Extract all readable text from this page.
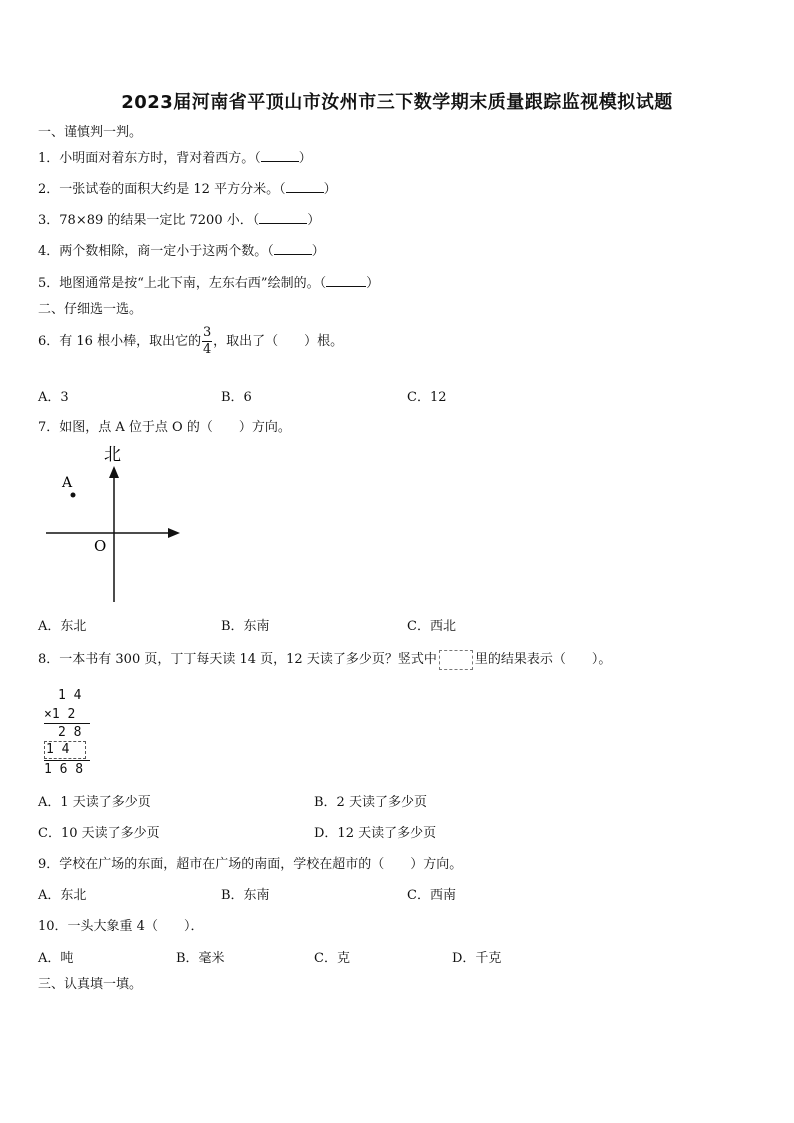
2023届河南省平顶山市汝州市三下数学期末质量跟踪监视模拟试题
一、谨慎判一判。
1．小明面对着东方时，背对着西方。（	）
2．一张试卷的面积大约是 12 平方分米。（	）
3．78×89 的结果一定比 7200 小．（	）
4．两个数相除，商一定小于这两个数。（	）
5．地图通常是按“上北下南，左东右西”绘制的。（	）
二、仔细选一选。
6．有 16 根小棒，取出它的 $\frac{3}{4}$ ，取出了（　　）根。
A．3	B．6	C．12
7．如图，点 A 位于点 O 的（　　）方向。
北
A
O
A．东北	B．东南	C．西北
8．一本书有 300 页，丁丁每天读 14 页，12 天读了多少页？竖式中	里的结果表示（　　）。
1 4
×1 2
2 8
1 4
1 6 8
A．1 天读了多少页	B．2 天读了多少页
C．10 天读了多少页	D．12 天读了多少页
9．学校在广场的东面，超市在广场的南面，学校在超市的（　　）方向。
A．东北	B．东南	C．西南
10．一头大象重 4（　　）．
A．吨	B．毫米	C．克	D．千克
三、认真填一填。
